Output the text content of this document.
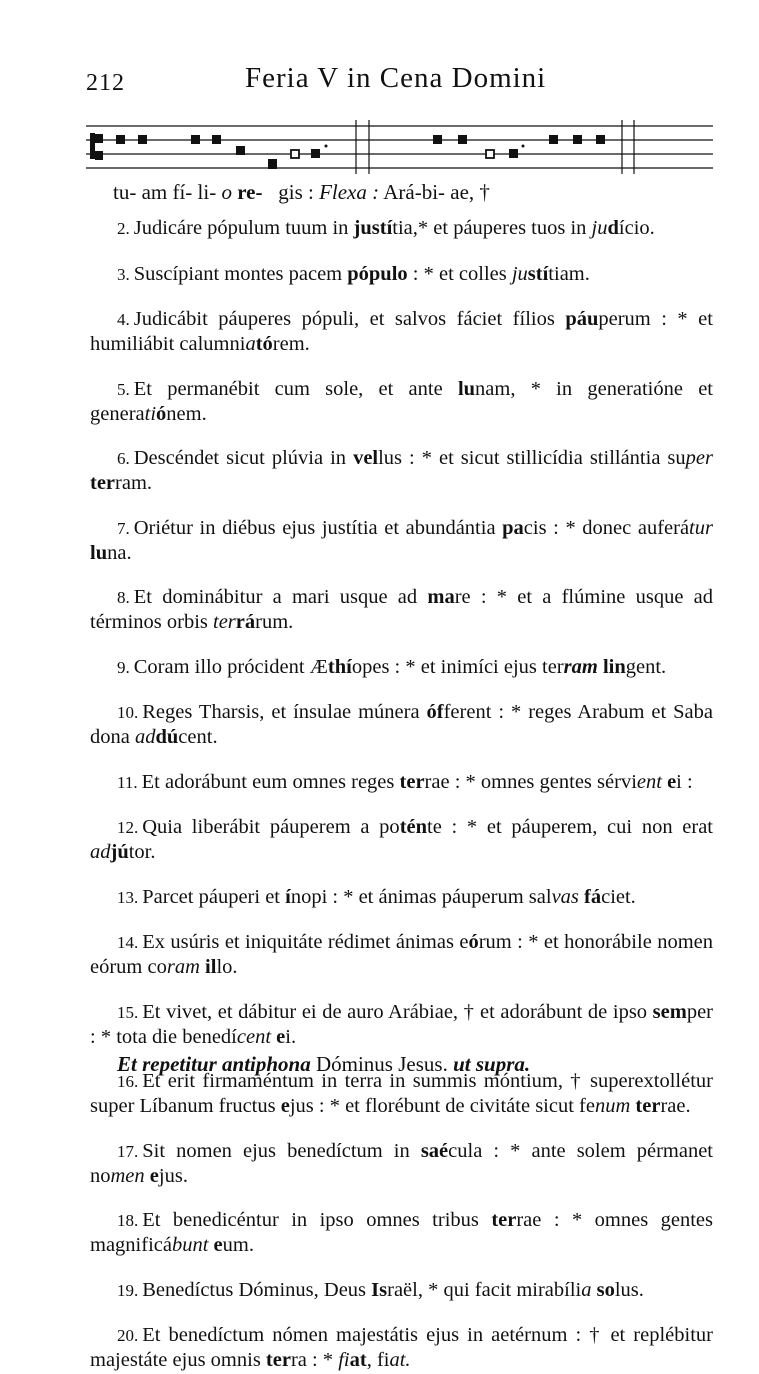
212	Feria V in Cena Domini
tu- am fí- li- o re-   gis : Flexa : Ará-bi- ae, †

2. Judicáre pópulum tuum in justítia,* et páuperes tuos in judício.

3. Suscípiant montes pacem pópulo : * et colles justítiam.

4. Judicábit páuperes pópuli, et salvos fáciet fílios páuperum : * et humiliábit calumniatórem.

5. Et permanébit cum sole, et ante lunam, * in generatióne et generatiónem.

6. Descéndet sicut plúvia in vellus : * et sicut stillicídia stillántia super terram.

7. Oriétur in diébus ejus justítia et abundántia pacis : * donec auferátur luna.

8. Et dominábitur a mari usque ad mare : * et a flúmine usque ad términos orbis terrárum.

9. Coram illo prócident Æthíopes : * et inimíci ejus terram lingent.

10. Reges Tharsis, et ínsulae múnera ófferent : * reges Arabum et Saba dona addúcent.

11. Et adorábunt eum omnes reges terrae : * omnes gentes sérvient ei :

12. Quia liberábit páuperem a poténte : * et páuperem, cui non erat adjútor.

13. Parcet páuperi et ínopi : * et ánimas páuperum salvas fáciet.

14. Ex usúris et iniquitáte rédimet ánimas eórum : * et honorábile nomen eórum coram illo.

15. Et vivet, et dábitur ei de auro Arábiae, † et adorábunt de ipso semper : * tota die benedícent ei.

16. Et erit firmaméntum in terra in summis móntium, † superextollétur super Líbanum fructus ejus : * et florébunt de civitáte sicut fenum terrae.

17. Sit nomen ejus benedíctum in saécula : * ante solem pérmanet nomen ejus.

18. Et benedicéntur in ipso omnes tribus terrae : * omnes gentes magnificábunt eum.

19. Benedíctus Dóminus, Deus Israël, * qui facit mirabília solus.

20. Et benedíctum nómen majestátis ejus in aetérnum : † et replébitur majestáte ejus omnis terra : * fiat, fiat.

Et repetitur antiphona Dóminus Jesus. ut supra.
